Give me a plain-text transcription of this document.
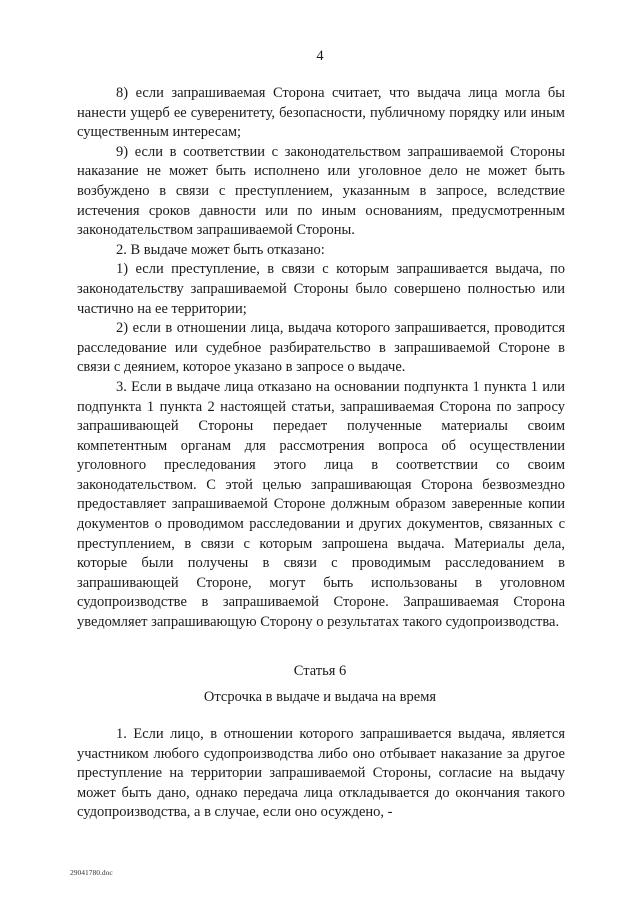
4

8) если запрашиваемая Сторона считает, что выдача лица могла бы нанести ущерб ее суверенитету, безопасности, публичному порядку или иным существенным интересам;

9) если в соответствии с законодательством запрашиваемой Стороны наказание не может быть исполнено или уголовное дело не может быть возбуждено в связи с преступлением, указанным в запросе, вследствие истечения сроков давности или по иным основаниям, предусмотренным законодательством запрашиваемой Стороны.

2. В выдаче может быть отказано:

1) если преступление, в связи с которым запрашивается выдача, по законодательству запрашиваемой Стороны было совершено полностью или частично на ее территории;

2) если в отношении лица, выдача которого запрашивается, проводится расследование или судебное разбирательство в запрашиваемой Стороне в связи с деянием, которое указано в запросе о выдаче.

3. Если в выдаче лица отказано на основании подпункта 1 пункта 1 или подпункта 1 пункта 2 настоящей статьи, запрашиваемая Сторона по запросу запрашивающей Стороны передает полученные материалы своим компетентным органам для рассмотрения вопроса об осуществлении уголовного преследования этого лица в соответствии со своим законодательством. С этой целью запрашивающая Сторона безвозмездно предоставляет запрашиваемой Стороне должным образом заверенные копии документов о проводимом расследовании и других документов, связанных с преступлением, в связи с которым запрошена выдача. Материалы дела, которые были получены в связи с проводимым расследованием в запрашивающей Стороне, могут быть использованы в уголовном судопроизводстве в запрашиваемой Стороне. Запрашиваемая Сторона уведомляет запрашивающую Сторону о результатах такого судопроизводства.

Статья 6
Отсрочка в выдаче и выдача на время

1. Если лицо, в отношении которого запрашивается выдача, является участником любого судопроизводства либо оно отбывает наказание за другое преступление на территории запрашиваемой Стороны, согласие на выдачу может быть дано, однако передача лица откладывается до окончания такого судопроизводства, а в случае, если оно осуждено, -

29041780.doc
